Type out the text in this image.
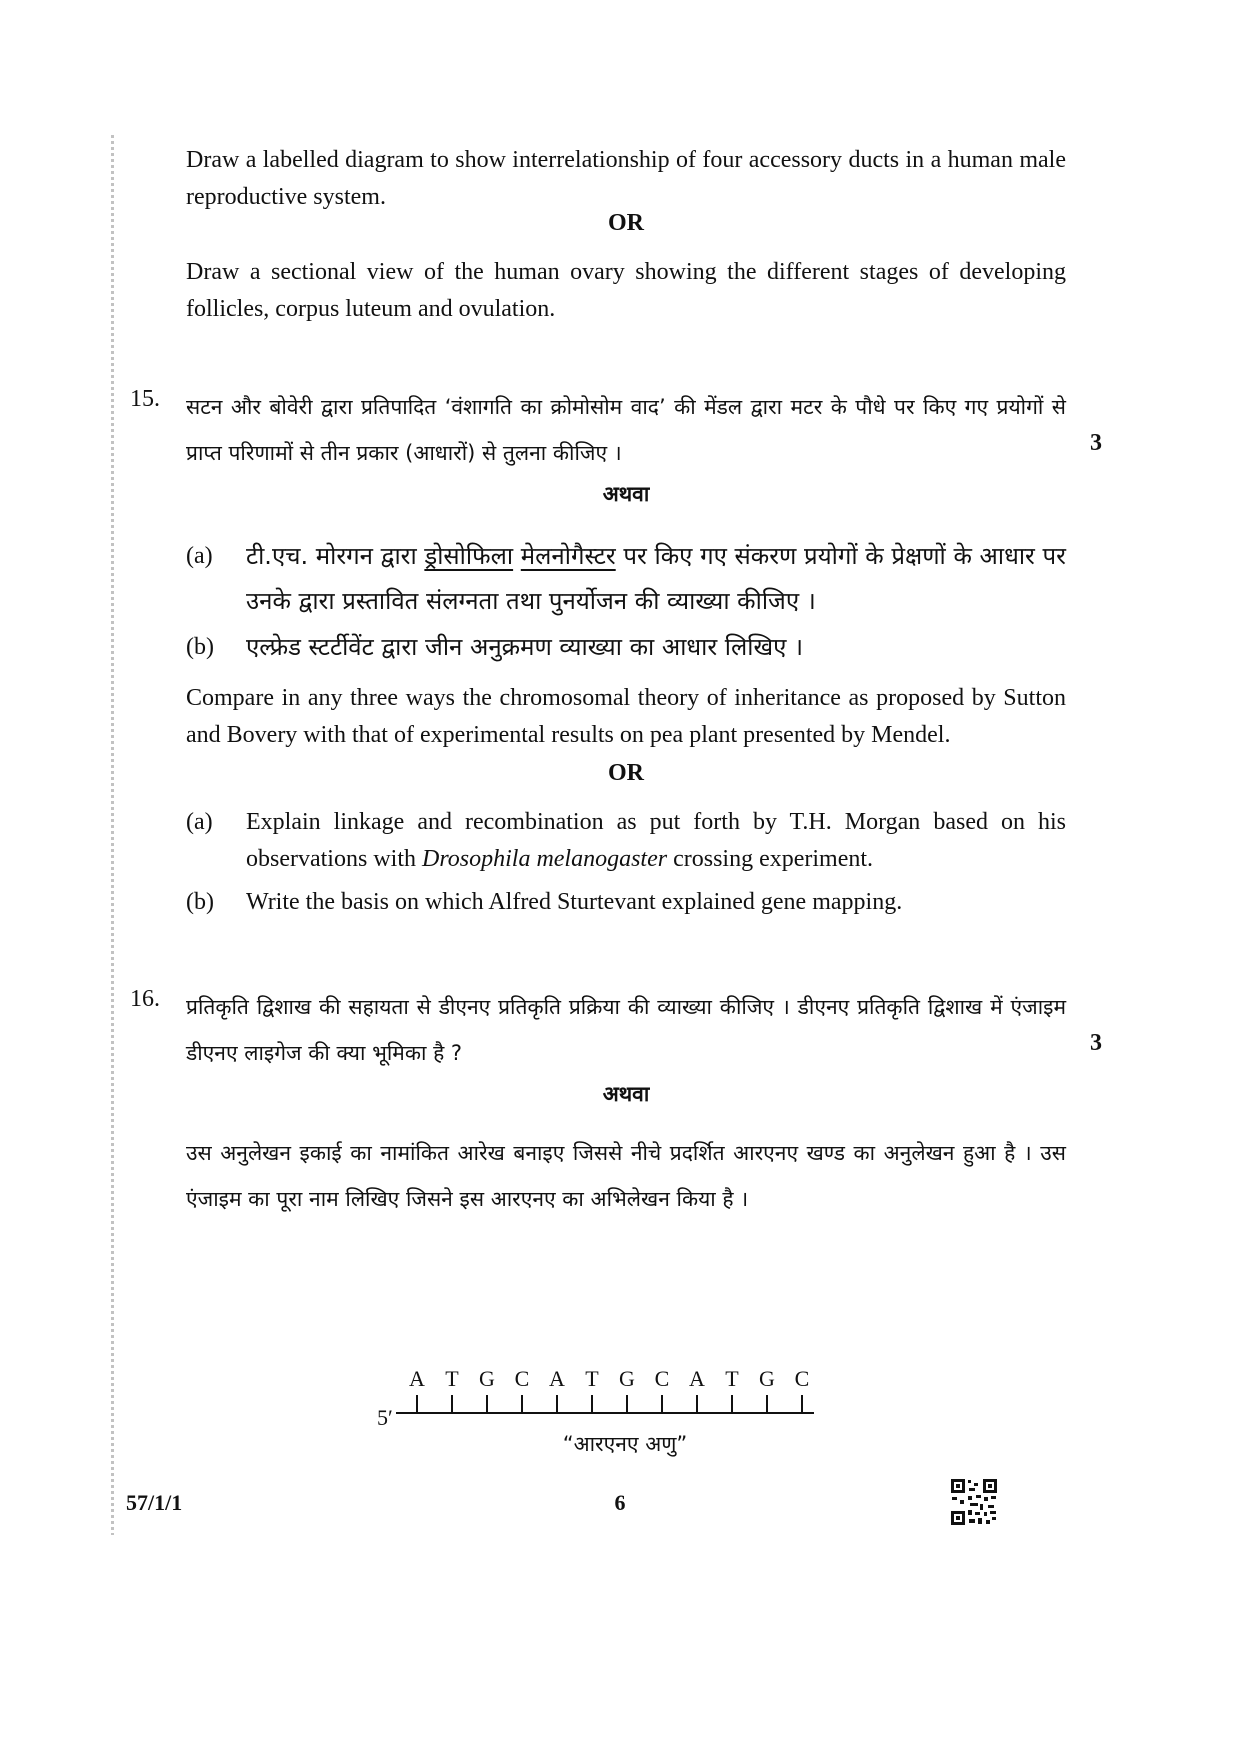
Draw a labelled diagram to show interrelationship of four accessory ducts in a human male reproductive system.
OR
Draw a sectional view of the human ovary showing the different stages of developing follicles, corpus luteum and ovulation.
15. सटन और बोवेरी द्वारा प्रतिपादित ‘वंशागति का क्रोमोसोम वाद’ की मेंडल द्वारा मटर के पौधे पर किए गए प्रयोगों से प्राप्त परिणामों से तीन प्रकार (आधारों) से तुलना कीजिए ।	3
अथवा
(a) टी.एच. मोरगन द्वारा ड्रोसोफिला मेलनोगैस्टर पर किए गए संकरण प्रयोगों के प्रेक्षणों के आधार पर उनके द्वारा प्रस्तावित संलग्नता तथा पुनर्योजन की व्याख्या कीजिए ।
(b) एल्फ्रेड स्टर्टीवेंट द्वारा जीन अनुक्रमण व्याख्या का आधार लिखिए ।
Compare in any three ways the chromosomal theory of inheritance as proposed by Sutton and Bovery with that of experimental results on pea plant presented by Mendel.
OR
(a) Explain linkage and recombination as put forth by T.H. Morgan based on his observations with Drosophila melanogaster crossing experiment.
(b) Write the basis on which Alfred Sturtevant explained gene mapping.
16. प्रतिकृति द्विशाख की सहायता से डीएनए प्रतिकृति प्रक्रिया की व्याख्या कीजिए । डीएनए प्रतिकृति द्विशाख में एंजाइम डीएनए लाइगेज की क्या भूमिका है ?	3
अथवा
उस अनुलेखन इकाई का नामांकित आरेख बनाइए जिससे नीचे प्रदर्शित आरएनए खण्ड का अनुलेखन हुआ है । उस एंजाइम का पूरा नाम लिखिए जिसने इस आरएनए का अभिलेखन किया है ।
5′
A T G C A T G C A T G C
“आरएनए अणु”
57/1/1	6
